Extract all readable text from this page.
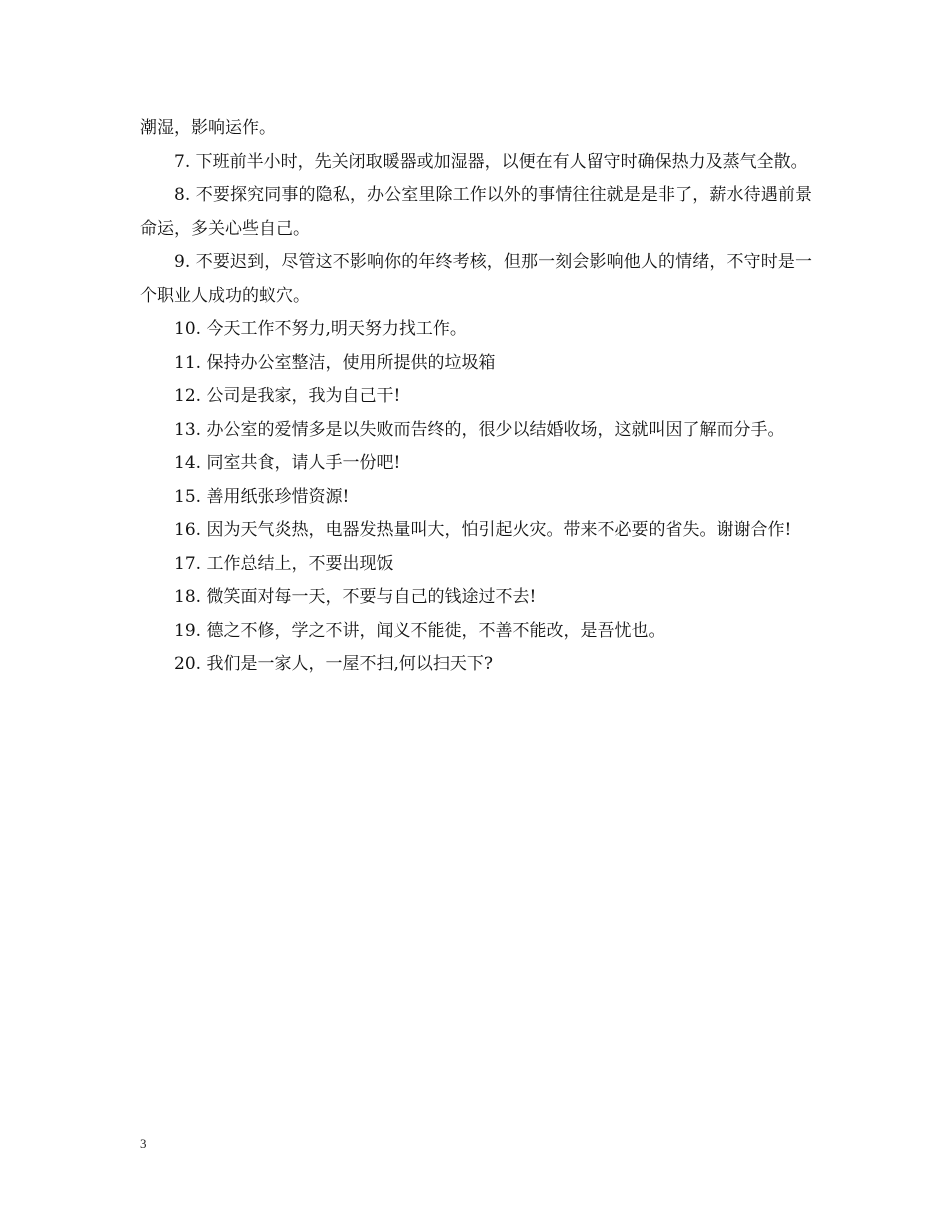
潮湿，影响运作。

7. 下班前半小时，先关闭取暖器或加湿器，以便在有人留守时确保热力及蒸气全散。

8. 不要探究同事的隐私，办公室里除工作以外的事情往往就是是非了，薪水待遇前景命运，多关心些自己。

9. 不要迟到，尽管这不影响你的年终考核，但那一刻会影响他人的情绪，不守时是一个职业人成功的蚁穴。

10. 今天工作不努力,明天努力找工作。

11. 保持办公室整洁，使用所提供的垃圾箱

12. 公司是我家，我为自己干!

13. 办公室的爱情多是以失败而告终的，很少以结婚收场，这就叫因了解而分手。

14. 同室共食，请人手一份吧!

15. 善用纸张珍惜资源!

16. 因为天气炎热，电器发热量叫大，怕引起火灾。带来不必要的省失。谢谢合作!

17. 工作总结上，不要出现饭

18. 微笑面对每一天，不要与自己的钱途过不去!

19. 德之不修，学之不讲，闻义不能徙，不善不能改，是吾忧也。

20. 我们是一家人，一屋不扫,何以扫天下?

3
